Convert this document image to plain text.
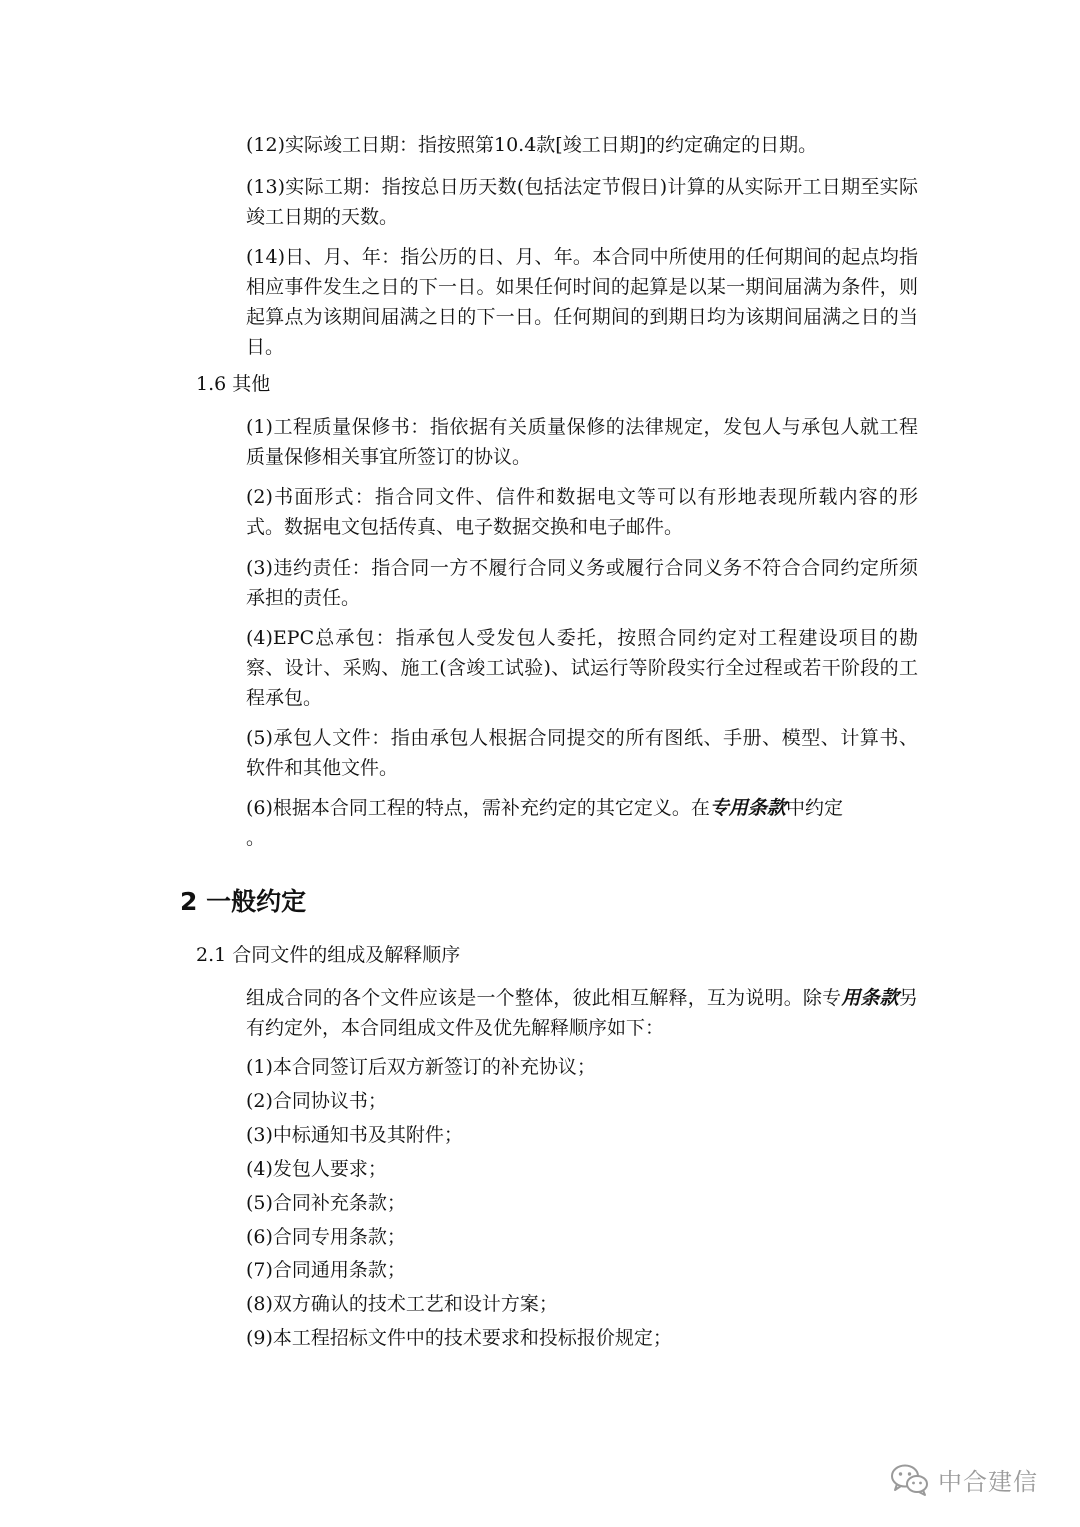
(12)实际竣工日期：指按照第10.4款[竣工日期]的约定确定的日期。

(13)实际工期：指按总日历天数(包括法定节假日)计算的从实际开工日期至实际竣工日期的天数。

(14)日、月、年：指公历的日、月、年。本合同中所使用的任何期间的起点均指相应事件发生之日的下一日。如果任何时间的起算是以某一期间届满为条件，则起算点为该期间届满之日的下一日。任何期间的到期日均为该期间届满之日的当日。

1.6 其他

(1)工程质量保修书：指依据有关质量保修的法律规定，发包人与承包人就工程质量保修相关事宜所签订的协议。

(2)书面形式：指合同文件、信件和数据电文等可以有形地表现所载内容的形式。数据电文包括传真、电子数据交换和电子邮件。

(3)违约责任：指合同一方不履行合同义务或履行合同义务不符合合同约定所须承担的责任。

(4)EPC总承包：指承包人受发包人委托，按照合同约定对工程建设项目的勘察、设计、采购、施工(含竣工试验)、试运行等阶段实行全过程或若干阶段的工程承包。

(5)承包人文件：指由承包人根据合同提交的所有图纸、手册、模型、计算书、软件和其他文件。

(6)根据本合同工程的特点，需补充约定的其它定义。在专用条款中约定
。

2 一般约定

2.1 合同文件的组成及解释顺序

组成合同的各个文件应该是一个整体，彼此相互解释，互为说明。除专用条款另有约定外，本合同组成文件及优先解释顺序如下：

(1)本合同签订后双方新签订的补充协议；

(2)合同协议书；

(3)中标通知书及其附件；

(4)发包人要求；

(5)合同补充条款；

(6)合同专用条款；

(7)合同通用条款；

(8)双方确认的技术工艺和设计方案；

(9)本工程招标文件中的技术要求和投标报价规定；

中合建信
